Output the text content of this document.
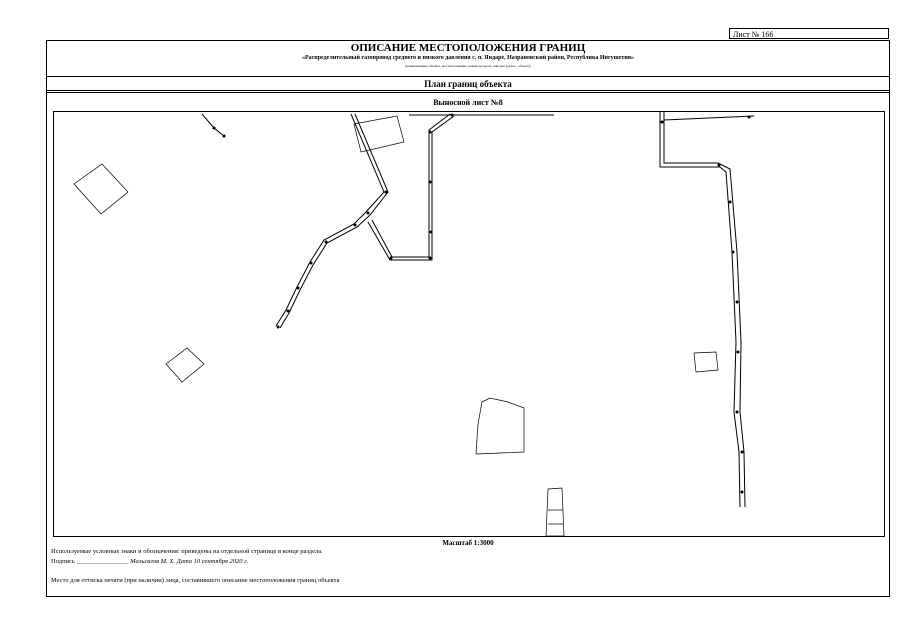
Лист № 166
ОПИСАНИЕ МЕСТОПОЛОЖЕНИЯ ГРАНИЦ
«Распределительный газопровод среднего и низкого давления с. п. Яндаре, Назрановский район, Республика Ингушетия»
(наименование объекта, местоположение границ которого описано (далее - объект))
План границ объекта
Выносной лист №8
Масштаб 1:3000
Используемые условные знаки и обозначения: приведены на отдельной странице в конце раздела.
Подпись ________________ Мальсагов М. Х. Дата 10 сентября 2020 г.
Место для оттиска печати (при наличии) лица, составившего описание местоположения границ объекта
